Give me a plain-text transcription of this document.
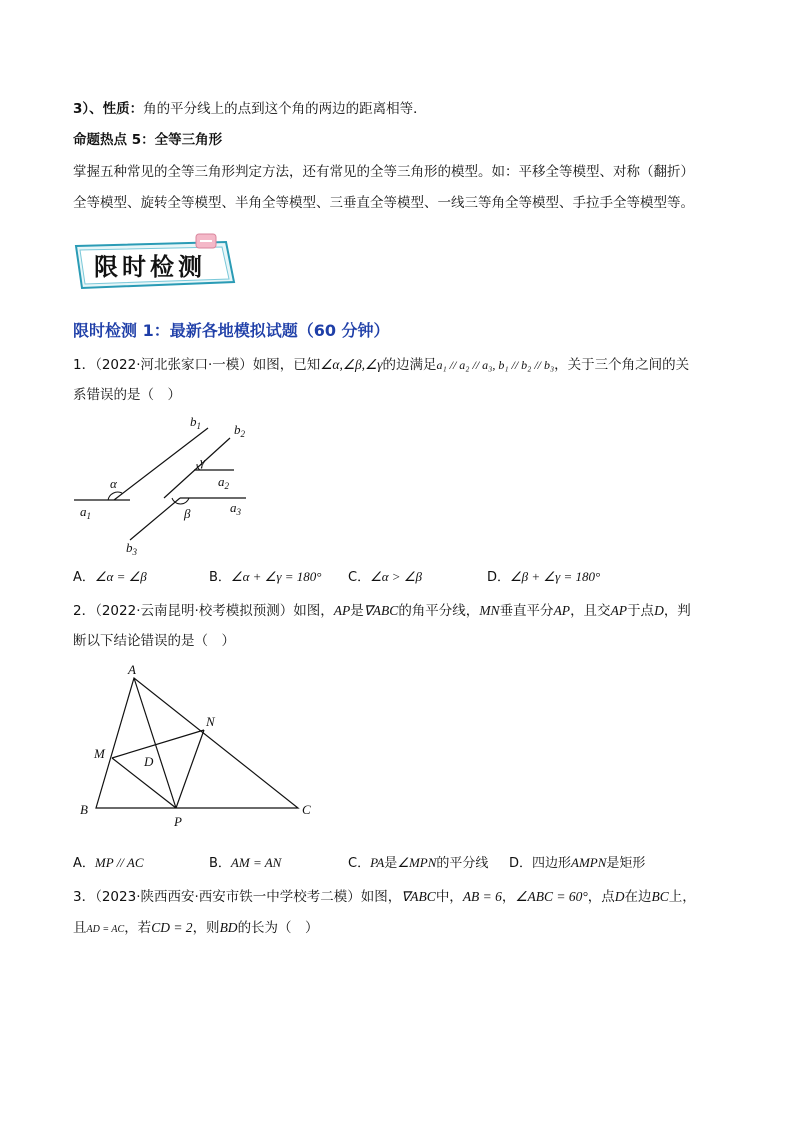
3）、性质：角的平分线上的点到这个角的两边的距离相等．
命题热点 5：全等三角形
掌握五种常见的全等三角形判定方法，还有常见的全等三角形的模型。如：平移全等模型、对称（翻折）
全等模型、旋转全等模型、半角全等模型、三垂直全等模型、一线三等角全等模型、手拉手全等模型等。
限时检测
限时检测 1：最新各地模拟试题（60 分钟）
1．（2022·河北张家口·一模）如图，已知∠α,∠β,∠γ的边满足a₁ // a₂ // a₃, b₁ // b₂ // b₃，关于三个角之间的关
系错误的是（　）
$b_1$	$b_2$
$b_3$
$a_1$
$a_2$
$a_3$
α
β
γ
A．∠α = ∠β	B．∠α + ∠γ = 180° C．∠α > ∠β	D．∠β + ∠γ = 180°
2．（2022·云南昆明·校考模拟预测）如图，AP是∇ABC的角平分线，MN垂直平分AP，且交AP于点D，判
断以下结论错误的是（　）
A
B	C
M
N
D
P
A．MP // AC	B．AM = AN	C．PA是∠MPN的平分线 D．四边形AMPN是矩形
3．（2023·陕西西安·西安市铁一中学校考二模）如图，∇ABC中，AB = 6，∠ABC = 60°，点D在边BC上，
且AD = AC，若CD = 2，则BD的长为（　）
